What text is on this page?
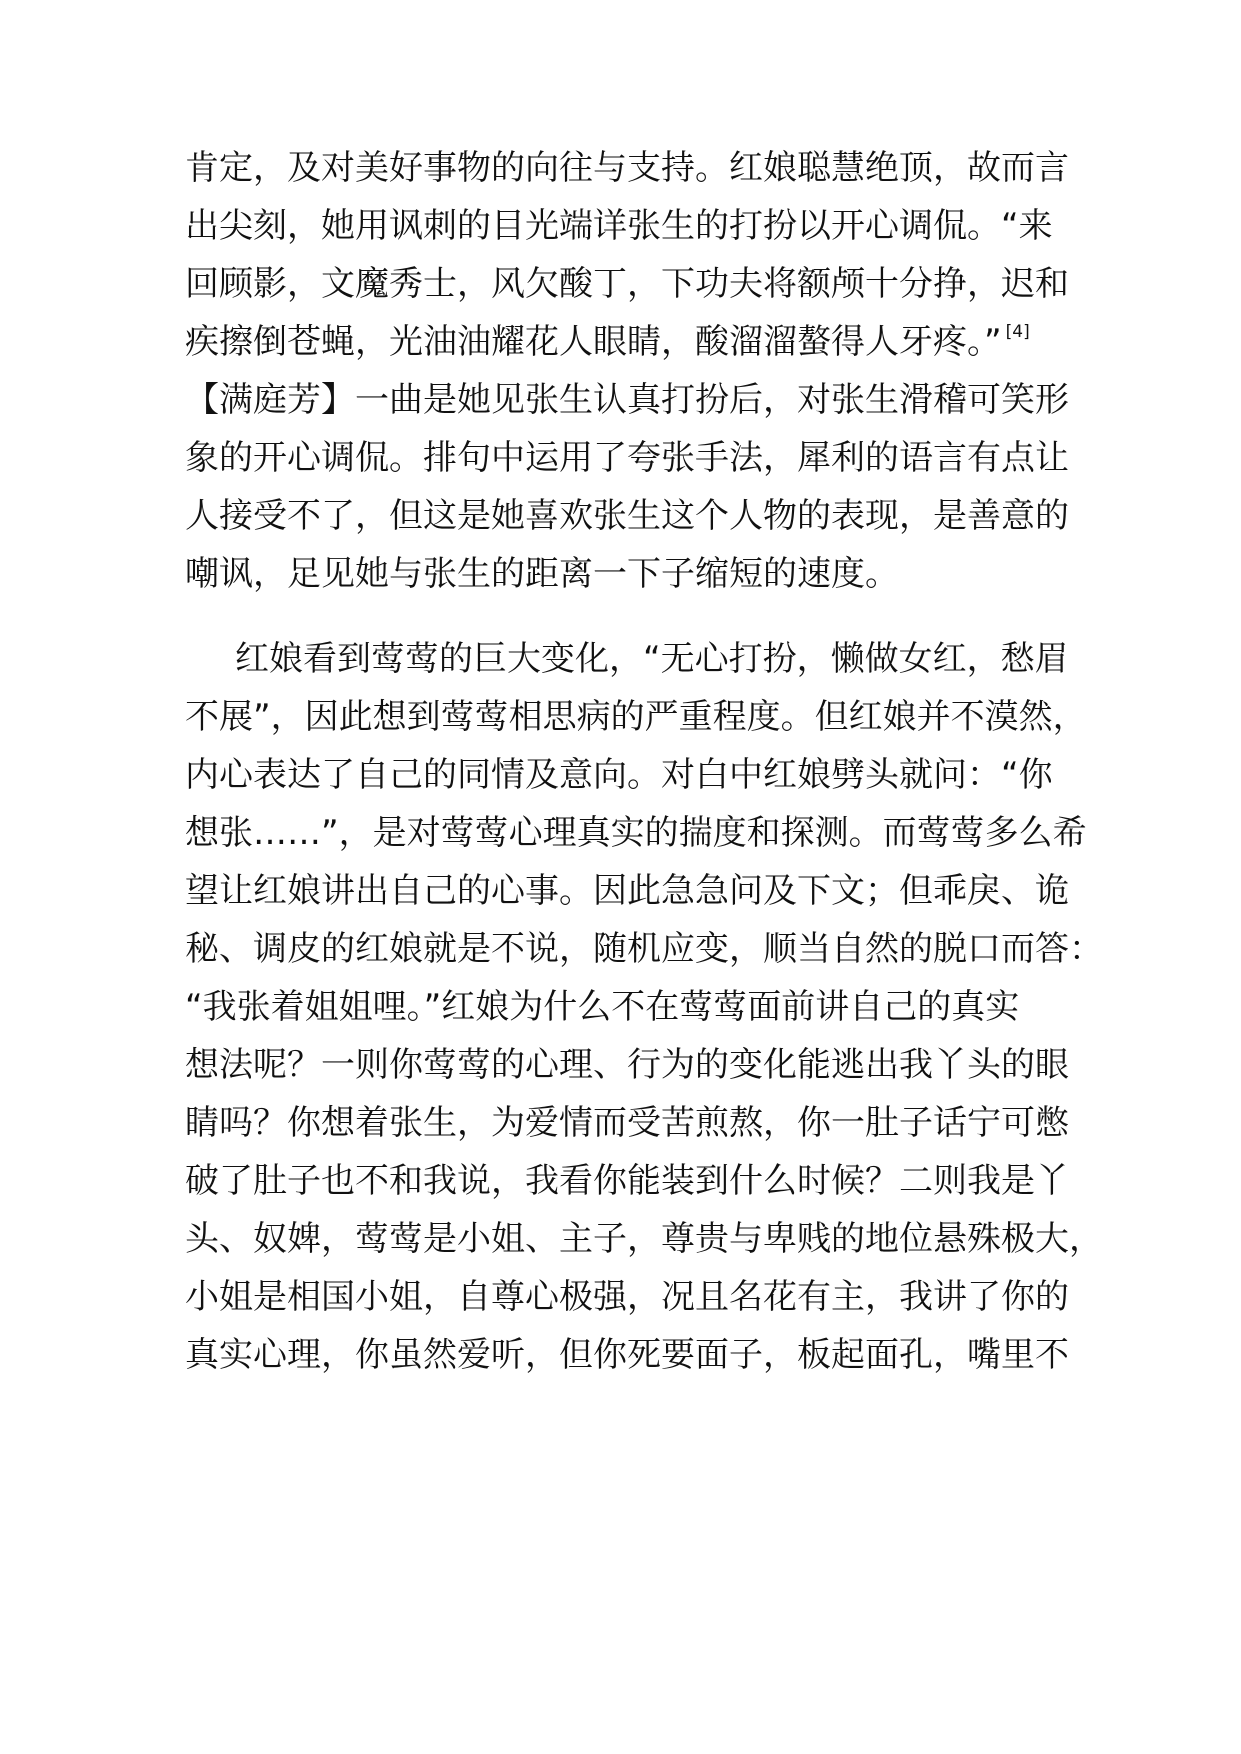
肯定，及对美好事物的向往与支持。红娘聪慧绝顶，故而言
出尖刻，她用讽刺的目光端详张生的打扮以开心调侃。“来
回顾影，文魔秀士，风欠酸丁，下功夫将额颅十分挣，迟和
疾擦倒苍蝇，光油油耀花人眼睛，酸溜溜螯得人牙疼。” [4]
【满庭芳】一曲是她见张生认真打扮后，对张生滑稽可笑形
象的开心调侃。排句中运用了夸张手法，犀利的语言有点让
人接受不了，但这是她喜欢张生这个人物的表现，是善意的
嘲讽，足见她与张生的距离一下子缩短的速度。
红娘看到莺莺的巨大变化，“无心打扮，懒做女红，愁眉
不展”，因此想到莺莺相思病的严重程度。但红娘并不漠然，
内心表达了自己的同情及意向。对白中红娘劈头就问：“你
想张……”，是对莺莺心理真实的揣度和探测。而莺莺多么希
望让红娘讲出自己的心事。因此急急问及下文；但乖戾、诡
秘、调皮的红娘就是不说，随机应变，顺当自然的脱口而答：
“我张着姐姐哩。”红娘为什么不在莺莺面前讲自己的真实
想法呢？一则你莺莺的心理、行为的变化能逃出我丫头的眼
睛吗？你想着张生，为爱情而受苦煎熬，你一肚子话宁可憋
破了肚子也不和我说，我看你能装到什么时候？二则我是丫
头、奴婢，莺莺是小姐、主子，尊贵与卑贱的地位悬殊极大，
小姐是相国小姐，自尊心极强，况且名花有主，我讲了你的
真实心理，你虽然爱听，但你死要面子，板起面孔，嘴里不
